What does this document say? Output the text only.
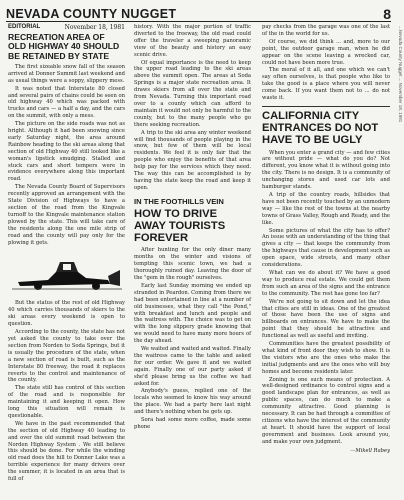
NEVADA COUNTY NUGGET	8
...Nevada County Nugget ... November 18, 1981
EDITORIAL	November 18, 1981
RECREATION AREA OF OLD HIGHWAY 40 SHOULD BE RETAINED BY STATE

The first sizeable snow fall of the season arrived at Donner Summit last weekend and as usual things were a soppy, slippery mess.

It was noted that Interstate 80 closed and several pairs of chains could be seen on old highway 40 which was packed with trucks and cars — a half a day, and the cars on the summit, with only a mess.

The picture on the side roads was not as bright. Although it had been snowing since early Saturday night, the area around Rainbow heading to the ski areas along that section of old Highway 40 still looked like a woman's lipstick smudging. Stalled and stuck cars and short tempers were in evidence everywhere along this important road.

The Nevada County Board of Supervisors recently approved an arrangement with the State Division of Highways to have a section of the road from the Kingvale turnoff to the Kingvale maintenance station plowed by the state. This will take care of the residents along the one mile strip of road and the county will pay only for the plowing it gets.

But the status of the rest of old Highway 40 which carries thousands of skiers to the ski areas every weekend is open to question.

According to the county, the state has not yet asked the county to take over the section from Norden to Soda Springs, but it is usually the procedure of the state, when a new section of road is built, such as the Interstate 80 freeway, the road it replaces reverts to the control and maintenance of the county.

The state still has control of this section of the road and is responsible for maintaining it and keeping it open. How long this situation will remain is questionable.

We have in the past recommended that the section of old Highway 40 leading to and over the old summit road between the Norden Highway System . We still believe this should be done. For while the winding old road does the hill to Donner Lake was a terrible experience for many drivers over the summer, it is located in an area that is full of

history. With the major portion of traffic diverted to the freeway, the old road could offer the traveler a sweeping panoramic view of the beauty and history an easy scenic drive.

Of equal importance is the need to keep the upper road leading to the ski areas above the summit open. The areas at Soda Springs is a major state recreation area. It draws skiers from all over the state and from Nevada. Turning this important road over to a county which can afford to maintain it would not only be harmful to the county, but to the many people who go there seeking recreation.

A trip to the ski area any winter weekend will find thousands of people playing in the snow, but few of them will be local residents. We feel it is only fair that the people who enjoy the benefits of that area help pay for the services which they need. The way this can be accomplished is by having the state keep the road and keep it open.

IN THE FOOTHILLS VEIN
HOW TO DRIVE AWAY TOURISTS FOREVER

After hunting for the only diner many months on the winter and visions of tempting this scenic town, we had a thoroughly ruined day. Leaving the door of the "gem in the rough" ourselves.

Early last Sunday morning we ended up stranded in Peardon. Coming from there we had been entertained in line at a number of old businesses, what they call "the Pond," with breakfast and lunch and people and the waitress with. The choice was to get on with the long slippery grade knowing that we would need to have many more hours of the day ahead.

We waited and waited and waited. Finally the waitress came to the table and asked for our order. We gave it and we waited again. Finally one of our party asked if she'd please bring us the coffee we had asked for.

Anybody's guess, replied one of the locals who seemed to know his way around the place. We had a party here last night and there's nothing when he gets up.

Sora had some more coffee, made some phone

pay checks from the garage was one of the last of the in the world for us.

Of course, we did think ... and, more to our point, the outdoor garage man, when he did appear on the scene leaving a wrecked car, could not have been more true.

The moral of it all, and one which we can't say often ourselves, is that people who like to take the good is a place where you will never come back. If you want them not to ... do not waste it.

CALIFORNIA CITY ENTRANCES DO NOT HAVE TO BE UGLY

When you enter a grand city — and few cities are without pride — what do you do? Not different, you know what it is without going into the city. There is no design. It is a community of unchanging stores and used car lots and hamburger stands.

A trip of the country roads, hillsides that have not been recently touched by an unmodern way — like the rest of the towns at the nearby towns of Grass Valley, Rough and Ready, and the like.

Some pictures of what the city has to offer? An issue with an understanding of the thing that gives a city — that keeps the community from the highways that cause in development such as open space, wide streets, and many other considerations.

What can we do about it? We have a good way to produce real estate. We could get them from such an area of the signs and the entrance to the community. The rest has gone too far?

We're not going to sit down and let the idea that cities are still in ideas. One of the greatest of those have been the use of signs and billboards on entrances. We have to make the point that they should be attractive and functional as well as useful and inviting.

Communities have the greatest possibility of what kind of front door they wish to show. It is the visitors who are the ones who make the initial judgments and are the ones who will buy homes and become residents later.

Zoning is one such means of protection. A well-designed ordinance to control signs and a good landscape plan for entrances, as well as public spaces, can do much to make a community attractive. Good planning is necessary. It can be had through a committee of citizens who have the interest of the community at heart. It should have the support of local government and business. Look around you, and make your own judgment.

—Mikell Rabey
